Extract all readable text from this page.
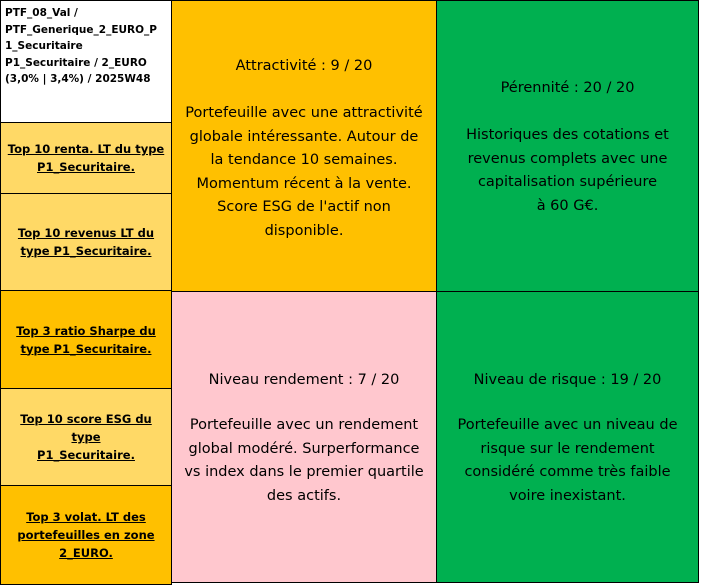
PTF_08_Val /
PTF_Generique_2_EURO_P
1_Securitaire
P1_Securitaire / 2_EURO
(3,0% | 3,4%) / 2025W48
Top 10 renta. LT du type
P1_Securitaire.
Top 10 revenus LT du
type P1_Securitaire.
Top 3 ratio Sharpe du
type P1_Securitaire.
Top 10 score ESG du type
P1_Securitaire.
Top 3 volat. LT des
portefeuilles en zone
2_EURO.
Attractivité : 9 / 20
Portefeuille avec une attractivité
globale intéressante. Autour de
la tendance 10 semaines.
Momentum récent à la vente.
Score ESG de l'actif non
disponible.
Pérennité : 20 / 20
Historiques des cotations et
revenus complets avec une
capitalisation supérieure
à 60 G€.
Niveau rendement : 7 / 20
Portefeuille avec un rendement
global modéré. Surperformance
vs index dans le premier quartile
des actifs.
Niveau de risque : 19 / 20
Portefeuille avec un niveau de
risque sur le rendement
considéré comme très faible
voire inexistant.
